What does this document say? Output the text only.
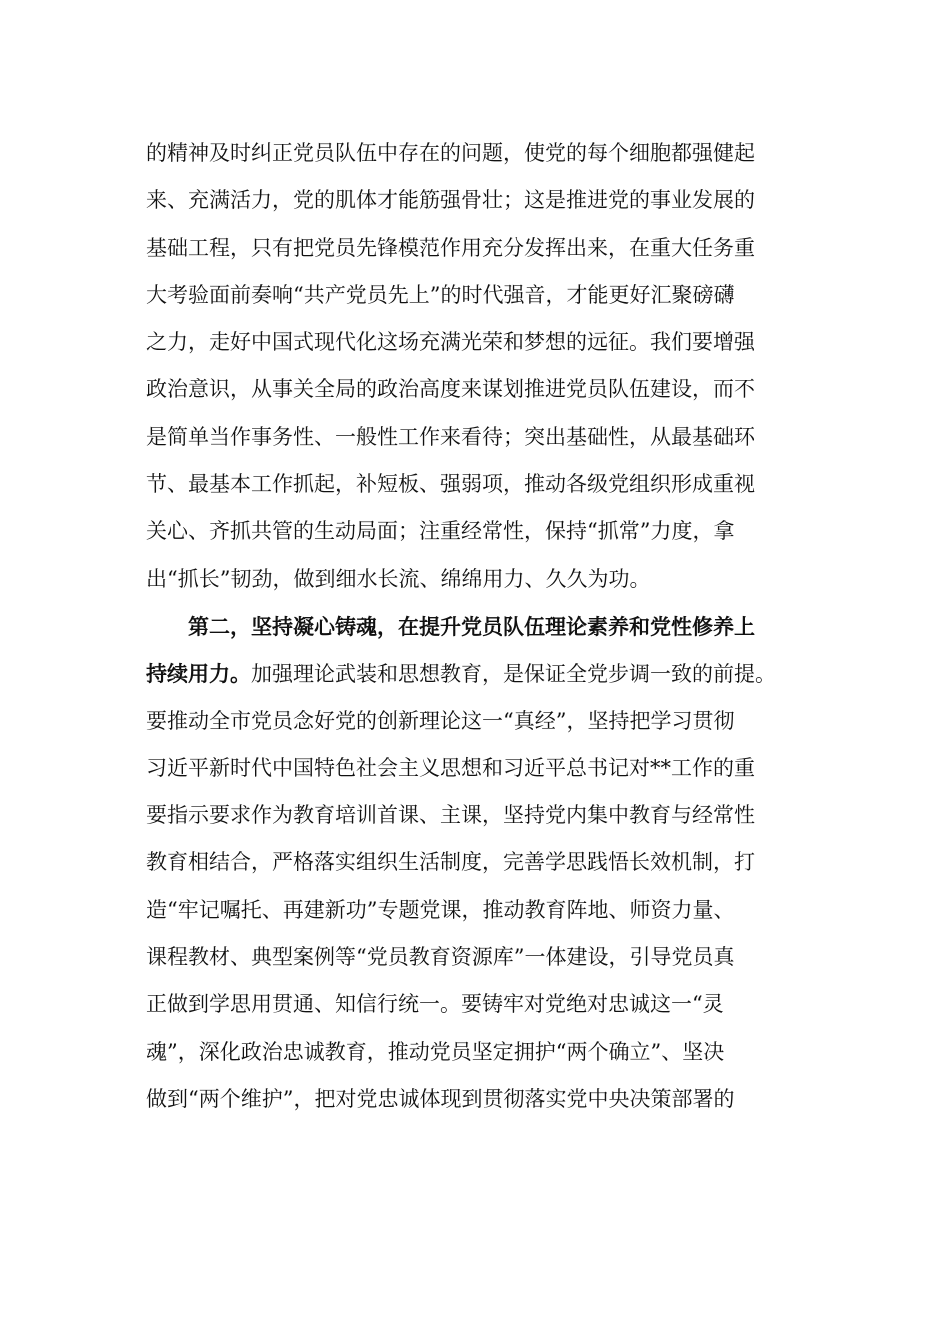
的精神及时纠正党员队伍中存在的问题，使党的每个细胞都强健起
来、充满活力，党的肌体才能筋强骨壮；这是推进党的事业发展的
基础工程，只有把党员先锋模范作用充分发挥出来，在重大任务重
大考验面前奏响“共产党员先上”的时代强音，才能更好汇聚磅礴
之力，走好中国式现代化这场充满光荣和梦想的远征。我们要增强
政治意识，从事关全局的政治高度来谋划推进党员队伍建设，而不
是简单当作事务性、一般性工作来看待；突出基础性，从最基础环
节、最基本工作抓起，补短板、强弱项，推动各级党组织形成重视
关心、齐抓共管的生动局面；注重经常性，保持“抓常”力度，拿
出“抓长”韧劲，做到细水长流、绵绵用力、久久为功。
第二，坚持凝心铸魂，在提升党员队伍理论素养和党性修养上
持续用力。加强理论武装和思想教育，是保证全党步调一致的前提。
要推动全市党员念好党的创新理论这一“真经”，坚持把学习贯彻
习近平新时代中国特色社会主义思想和习近平总书记对**工作的重
要指示要求作为教育培训首课、主课，坚持党内集中教育与经常性
教育相结合，严格落实组织生活制度，完善学思践悟长效机制，打
造“牢记嘱托、再建新功”专题党课，推动教育阵地、师资力量、
课程教材、典型案例等“党员教育资源库”一体建设，引导党员真
正做到学思用贯通、知信行统一。要铸牢对党绝对忠诚这一“灵
魂”，深化政治忠诚教育，推动党员坚定拥护“两个确立”、坚决
做到“两个维护”，把对党忠诚体现到贯彻落实党中央决策部署的
